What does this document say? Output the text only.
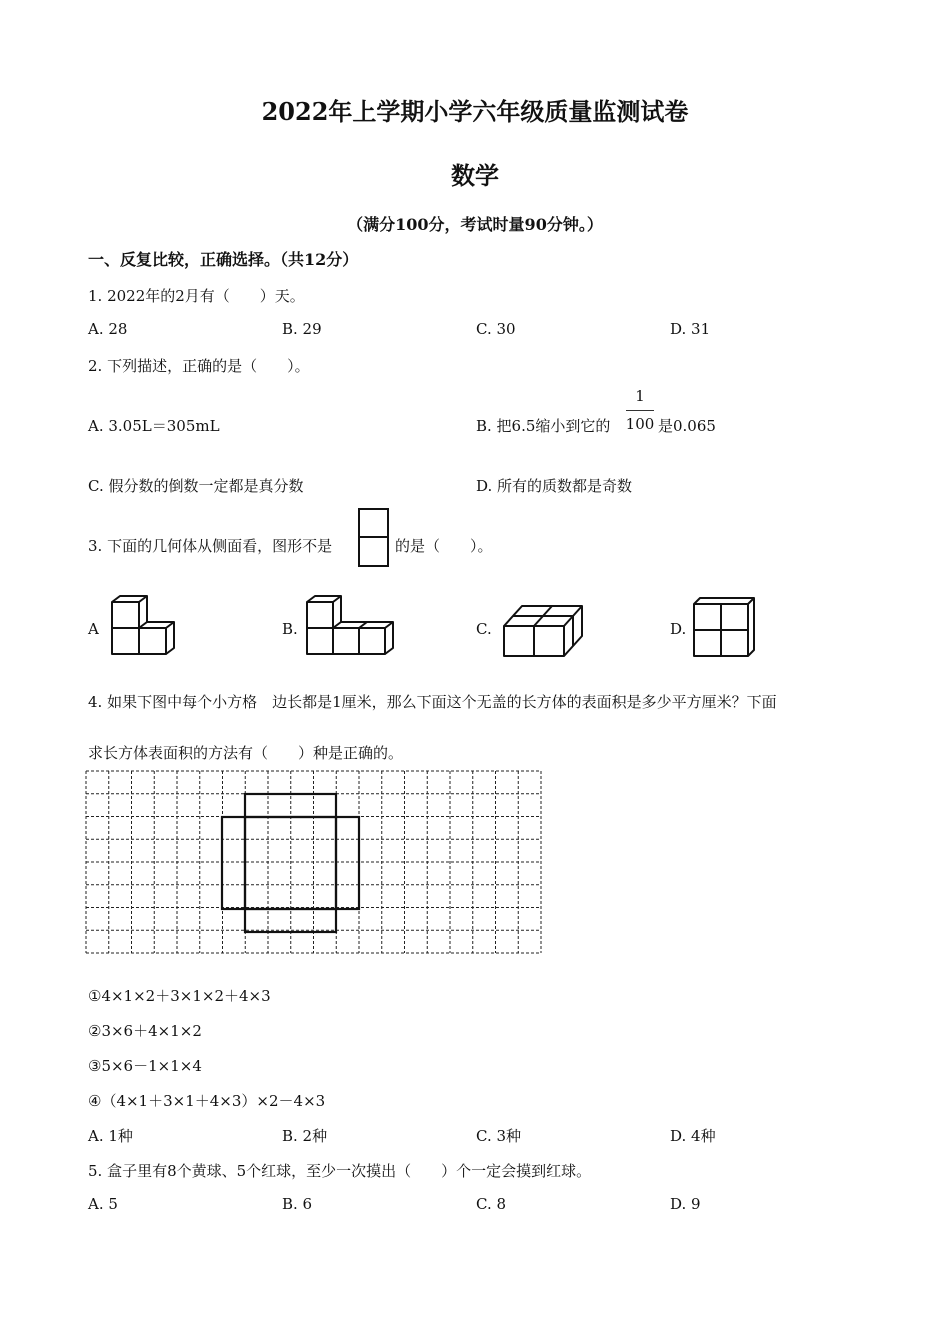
2022年上学期小学六年级质量监测试卷
数学
（满分100分，考试时量90分钟。）
一、反复比较，正确选择。（共12分）
1. 2022年的2月有（　　）天。
A. 28	B. 29	C. 30	D. 31
2. 下列描述，正确的是（　　）。
A. 3.05L＝305mL	B. 把6.5缩小到它的
1
100 是0.065
C. 假分数的倒数一定都是真分数	D. 所有的质数都是奇数
3. 下面的几何体从侧面看，图形不是	的是（　　）。
A	B.	C.	D.
4. 如果下图中每个小方格　边长都是1厘米，那么下面这个无盖的长方体的表面积是多少平方厘米？下面
求长方体表面积的方法有（　　）种是正确的。
①4×1×2＋3×1×2＋4×3
②3×6＋4×1×2
③5×6－1×1×4
④（4×1＋3×1＋4×3）×2－4×3
A. 1种	B. 2种	C. 3种	D. 4种
5. 盒子里有8个黄球、5个红球，至少一次摸出（　　）个一定会摸到红球。
A. 5	B. 6	C. 8	D. 9
